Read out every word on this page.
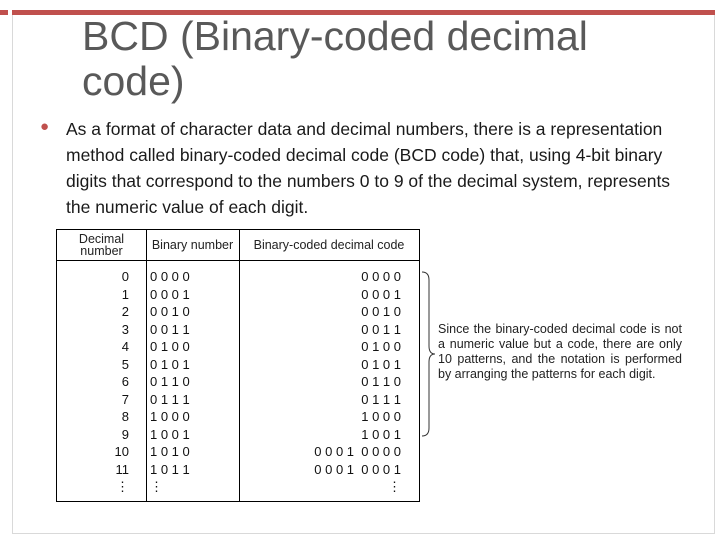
BCD (Binary-coded decimal code)
● As a format of character data and decimal numbers, there is a representation method called binary-coded decimal code (BCD code) that, using 4-bit binary digits that correspond to the numbers 0 to 9 of the decimal system, represents the numeric value of each digit.
Decimal number	Binary number	Binary-coded decimal code
0
1
2
3
4
5
6
7
8
9
10
11
⋮
0 0 0 0
0 0 0 1
0 0 1 0
0 0 1 1
0 1 0 0
0 1 0 1
0 1 1 0
0 1 1 1
1 0 0 0
1 0 0 1
1 0 1 0
1 0 1 1
⋮
0 0 0 0
0 0 0 1
0 0 1 0
0 0 1 1
0 1 0 0
0 1 0 1
0 1 1 0
0 1 1 1
1 0 0 0
1 0 0 1
0 0 0 1  0 0 0 0
0 0 0 1  0 0 0 1
⋮
Since the binary-coded decimal code is not a numeric value but a code, there are only 10 patterns, and the notation is performed by arranging the patterns for each digit.
